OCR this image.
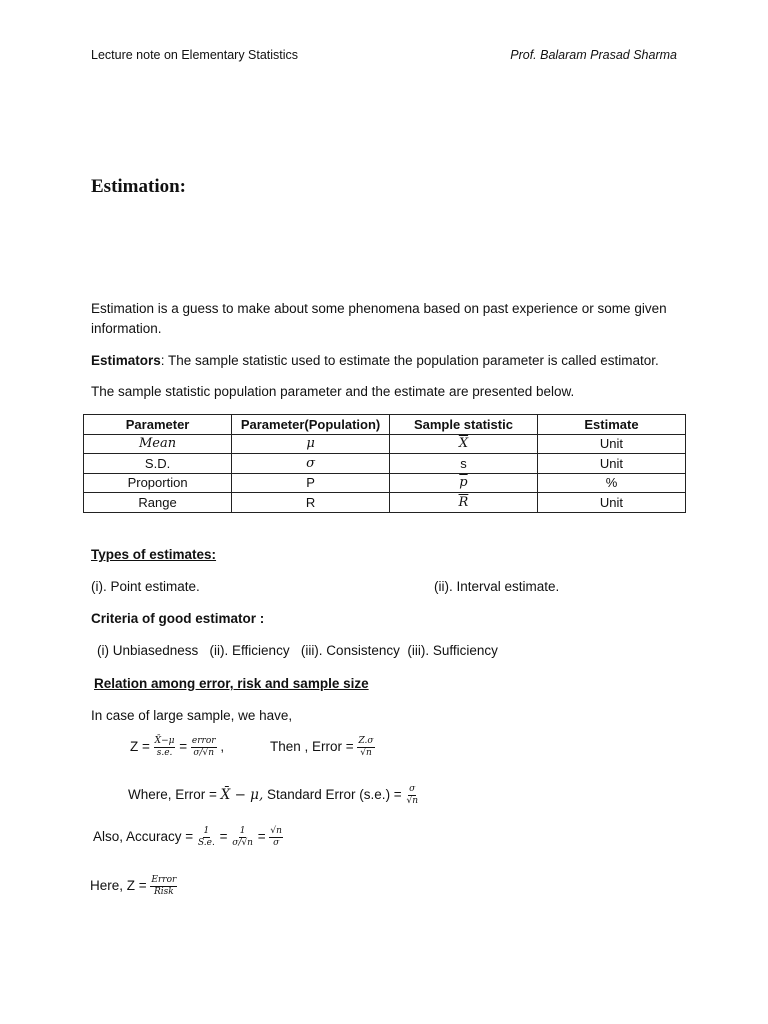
Lecture note on Elementary Statistics	Prof. Balaram Prasad Sharma
Estimation:
Estimation is a guess to make about some phenomena based on past experience or some given information.
Estimators: The sample statistic used to estimate the population parameter is called estimator.
The sample statistic population parameter and the estimate are presented below.
Parameter	Parameter(Population)	Sample statistic	Estimate
Mean	μ	$\overline{X}$	Unit
S.D.	σ	s	Unit
Proportion	P	$\overline{p}$	%
Range	R	$\overline{R}$	Unit
Types of estimates:
(i). Point estimate.	(ii). Interval estimate.
Criteria of good estimator :
(i) Unbiasedness   (ii). Efficiency   (iii). Consistency  (iii). Sufficiency
Relation among error, risk and sample size
In case of large sample, we have,
$Z = \frac{X̄-\mu}{s.e.} = \frac{\text{error}}{\sigma/√n}$ ,	Then , Error = $\frac{Z.\sigma}{√n}$
Where, Error = X̄ − μ, Standard Error $(s.e.) = \frac{\sigma}{√n}$
Also, Accuracy = $\frac{1}{S.e.} = \frac{1}{\sigma/√n} = \frac{√n}{\sigma}$
Here, $Z = \frac{\text{Error}}{\text{Risk}}$
